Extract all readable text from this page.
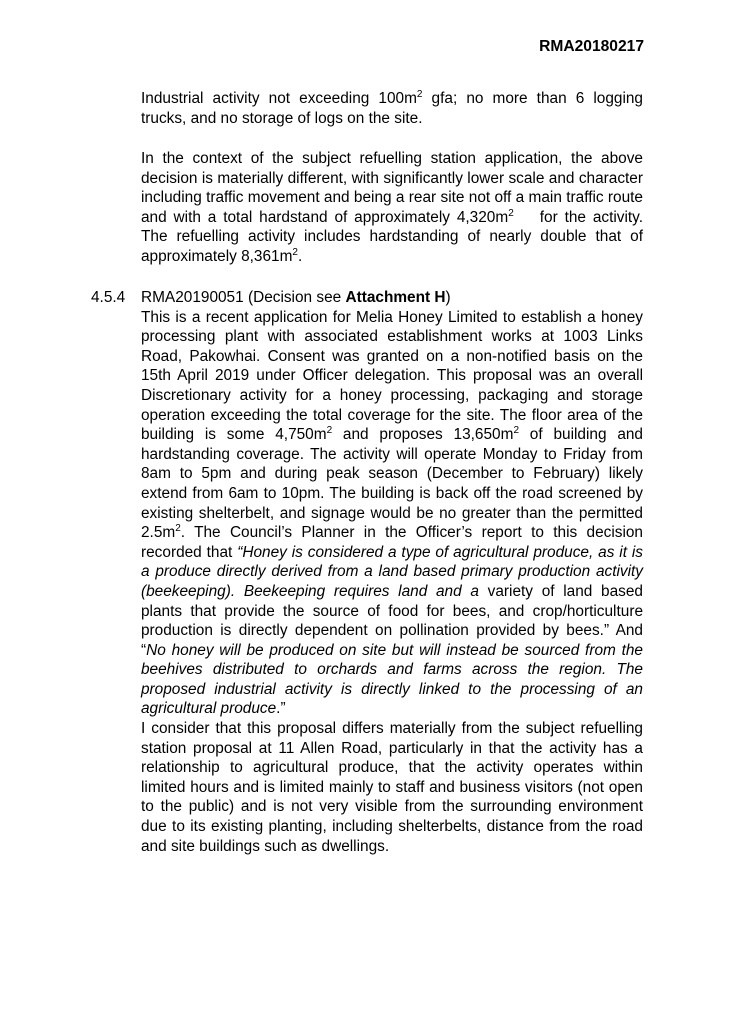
RMA20180217

Industrial activity not exceeding $100m^2$ gfa; no more than 6 logging trucks, and no storage of logs on the site.

In the context of the subject refuelling station application, the above decision is materially different, with significantly lower scale and character including traffic movement and being a rear site not off a main traffic route and with a total hardstand of approximately $4,320m^2$ for the activity. The refuelling activity includes hardstanding of nearly double that of approximately $8,361m^2$.

4.5.4 RMA20190051 (Decision see Attachment H)

This is a recent application for Melia Honey Limited to establish a honey processing plant with associated establishment works at 1003 Links Road, Pakowhai. Consent was granted on a non-notified basis on the 15th April 2019 under Officer delegation. This proposal was an overall Discretionary activity for a honey processing, packaging and storage operation exceeding the total coverage for the site. The floor area of the building is some $4,750m^2$ and proposes $13,650m^2$ of building and hardstanding coverage. The activity will operate Monday to Friday from 8am to 5pm and during peak season (December to February) likely extend from 6am to 10pm. The building is back off the road screened by existing shelterbelt, and signage would be no greater than the permitted $2.5m^2$. The Council’s Planner in the Officer’s report to this decision recorded that “Honey is considered a type of agricultural produce, as it is a produce directly derived from a land based primary production activity (beekeeping). Beekeeping requires land and a variety of land based plants that provide the source of food for bees, and crop/horticulture production is directly dependent on pollination provided by bees.” And “No honey will be produced on site but will instead be sourced from the beehives distributed to orchards and farms across the region. The proposed industrial activity is directly linked to the processing of an agricultural produce.”

I consider that this proposal differs materially from the subject refuelling station proposal at 11 Allen Road, particularly in that the activity has a relationship to agricultural produce, that the activity operates within limited hours and is limited mainly to staff and business visitors (not open to the public) and is not very visible from the surrounding environment due to its existing planting, including shelterbelts, distance from the road and site buildings such as dwellings.
